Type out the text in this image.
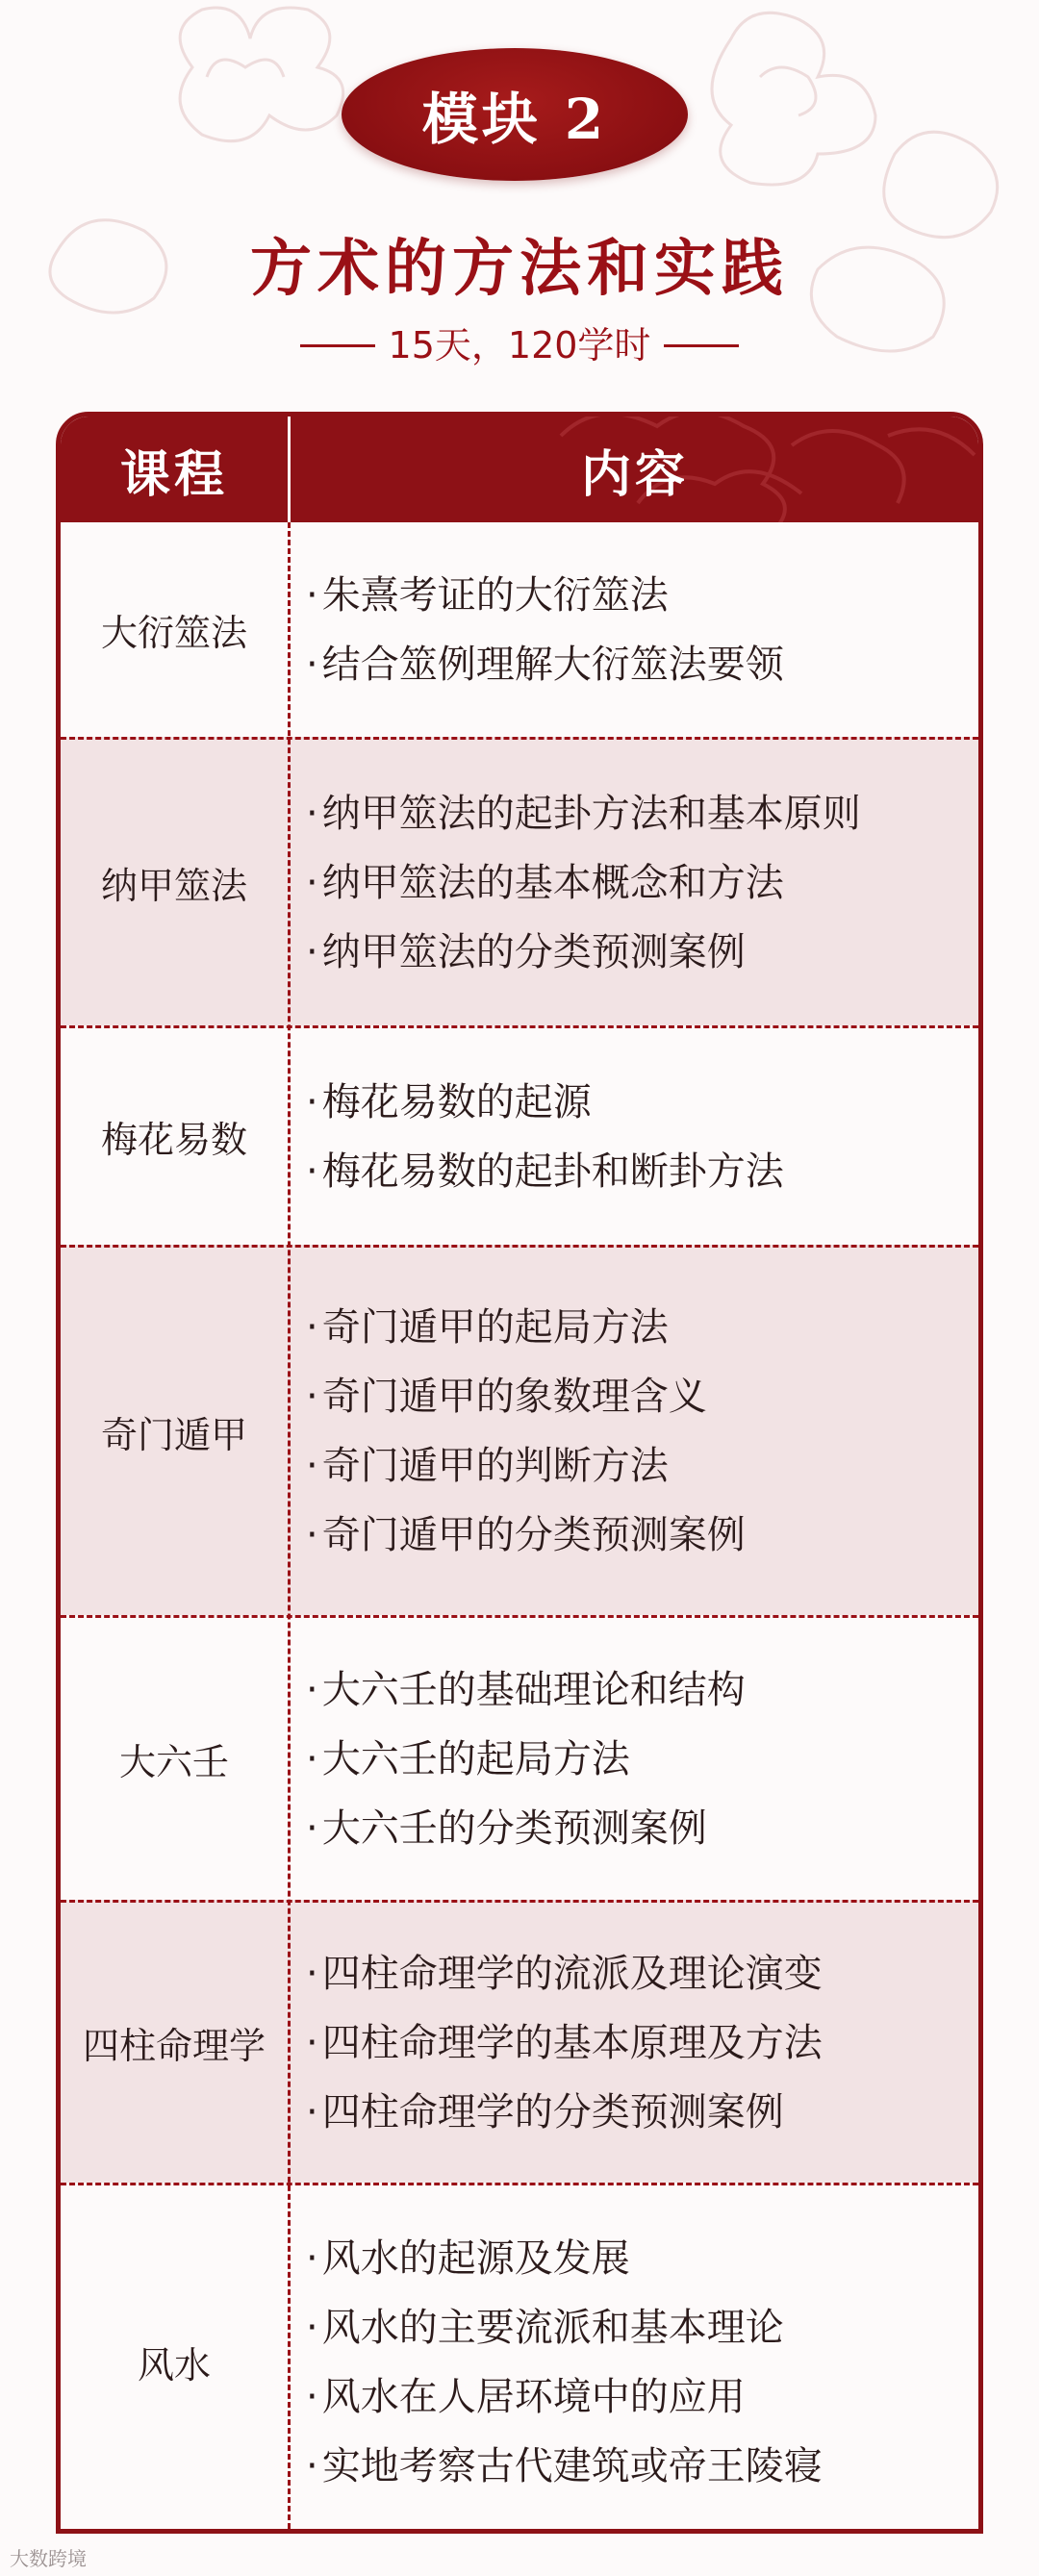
模块 2
方术的方法和实践
15天，120学时
课程	内容
大衍筮法
· 朱熹考证的大衍筮法
· 结合筮例理解大衍筮法要领
纳甲筮法
· 纳甲筮法的起卦方法和基本原则
· 纳甲筮法的基本概念和方法
· 纳甲筮法的分类预测案例
梅花易数
· 梅花易数的起源
· 梅花易数的起卦和断卦方法
奇门遁甲
· 奇门遁甲的起局方法
· 奇门遁甲的象数理含义
· 奇门遁甲的判断方法
· 奇门遁甲的分类预测案例
大六壬
· 大六壬的基础理论和结构
· 大六壬的起局方法
· 大六壬的分类预测案例
四柱命理学
· 四柱命理学的流派及理论演变
· 四柱命理学的基本原理及方法
· 四柱命理学的分类预测案例
风水
· 风水的起源及发展
· 风水的主要流派和基本理论
· 风水在人居环境中的应用
· 实地考察古代建筑或帝王陵寝
大数跨境
